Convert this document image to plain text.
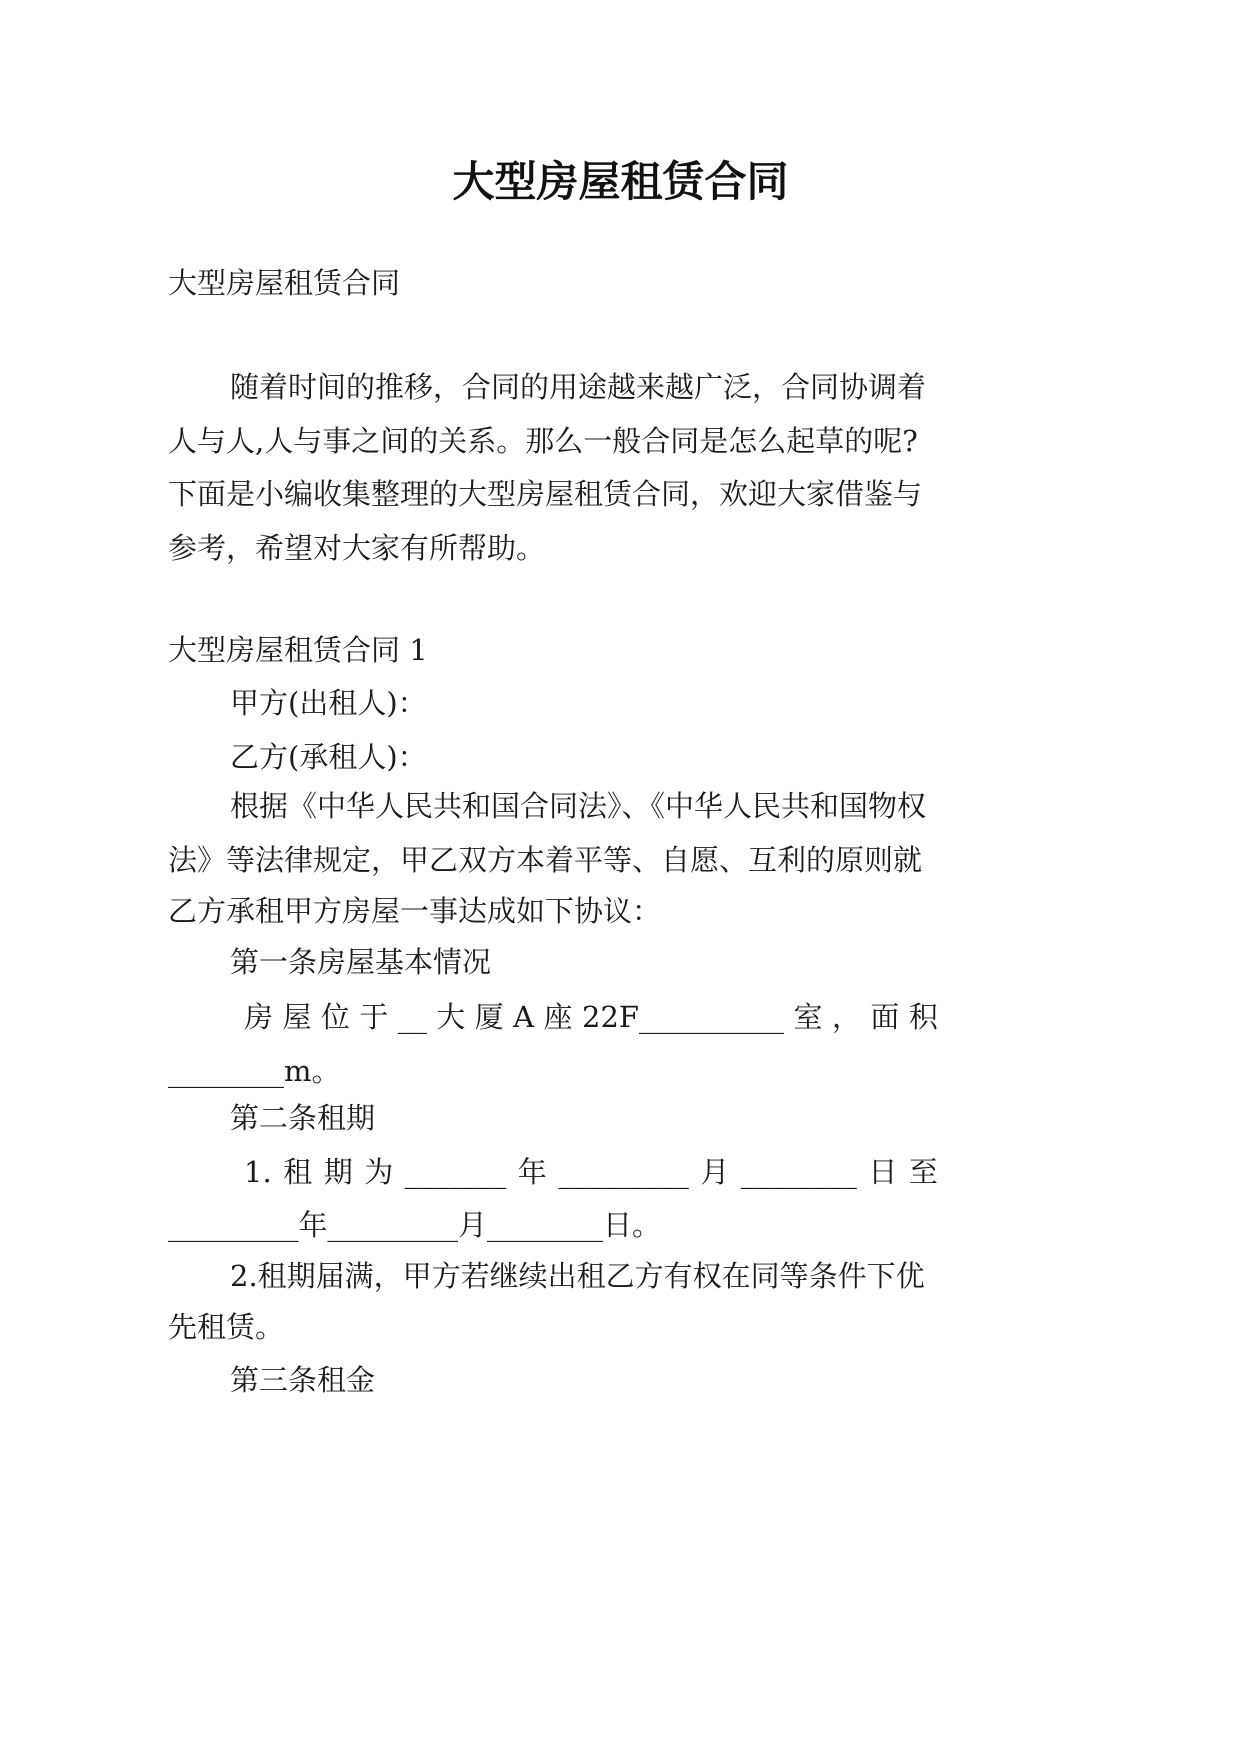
大型房屋租赁合同
大型房屋租赁合同
随着时间的推移，合同的用途越来越广泛，合同协调着
人与人,人与事之间的关系。那么一般合同是怎么起草的呢?
下面是小编收集整理的大型房屋租赁合同，欢迎大家借鉴与
参考，希望对大家有所帮助。
大型房屋租赁合同 1
甲方(出租人)：
乙方(承租人)：
根据《中华人民共和国合同法》、《中华人民共和国物权
法》等法律规定，甲乙双方本着平等、自愿、互利的原则就
乙方承租甲方房屋一事达成如下协议：
第一条房屋基本情况
房 屋 位 于 __ 大 厦 A 座 22F__________ 室 ， 面 积
________m。
第二条租期
1. 租 期 为 _______ 年 _________ 月 ________ 日 至
_________年_________月________日。
2.租期届满，甲方若继续出租乙方有权在同等条件下优
先租赁。
第三条租金
